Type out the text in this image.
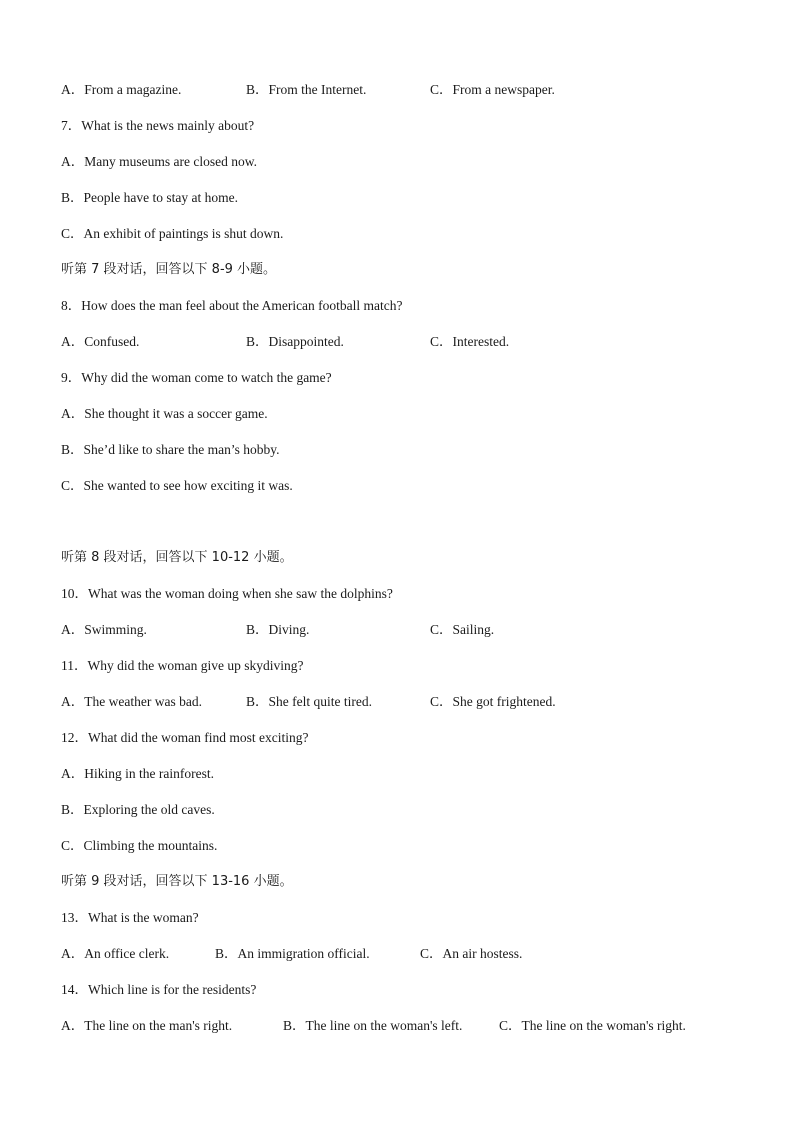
A．From a magazine.	B．From the Internet.	C．From a newspaper.
7．What is the news mainly about?
A．Many museums are closed now.
B．People have to stay at home.
C．An exhibit of paintings is shut down.
听第 7 段对话，回答以下 8-9 小题。
8．How does the man feel about the American football match?
A．Confused.	B．Disappointed.	C．Interested.
9．Why did the woman come to watch the game?
A．She thought it was a soccer game.
B．She’d like to share the man’s hobby.
C．She wanted to see how exciting it was.
听第 8 段对话，回答以下 10-12 小题。
10．What was the woman doing when she saw the dolphins?
A．Swimming.	B．Diving.	C．Sailing.
11．Why did the woman give up skydiving?
A．The weather was bad.	B．She felt quite tired.	C．She got frightened.
12．What did the woman find most exciting?
A．Hiking in the rainforest.
B．Exploring the old caves.
C．Climbing the mountains.
听第 9 段对话，回答以下 13-16 小题。
13．What is the woman?
A．An office clerk.	B．An immigration official.	C．An air hostess.
14．Which line is for the residents?
A．The line on the man's right.	B．The line on the woman's left.	C．The line on the woman's right.
